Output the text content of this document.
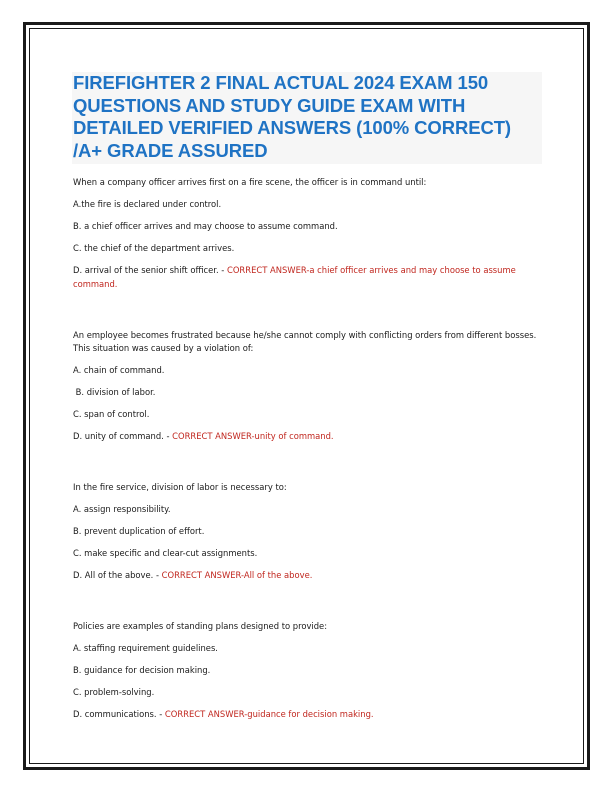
FIREFIGHTER 2 FINAL ACTUAL 2024 EXAM 150 QUESTIONS AND STUDY GUIDE EXAM WITH DETAILED VERIFIED ANSWERS (100% CORRECT) /A+ GRADE ASSURED

When a company officer arrives first on a fire scene, the officer is in command until:

A.the fire is declared under control.

B. a chief officer arrives and may choose to assume command.

C. the chief of the department arrives.

D. arrival of the senior shift officer. - CORRECT ANSWER-a chief officer arrives and may choose to assume command.

An employee becomes frustrated because he/she cannot comply with conflicting orders from different bosses. This situation was caused by a violation of:

A. chain of command.

B. division of labor.

C. span of control.

D. unity of command. - CORRECT ANSWER-unity of command.

In the fire service, division of labor is necessary to:

A. assign responsibility.

B. prevent duplication of effort.

C. make specific and clear-cut assignments.

D. All of the above. - CORRECT ANSWER-All of the above.

Policies are examples of standing plans designed to provide:

A. staffing requirement guidelines.

B. guidance for decision making.

C. problem-solving.

D. communications. - CORRECT ANSWER-guidance for decision making.
